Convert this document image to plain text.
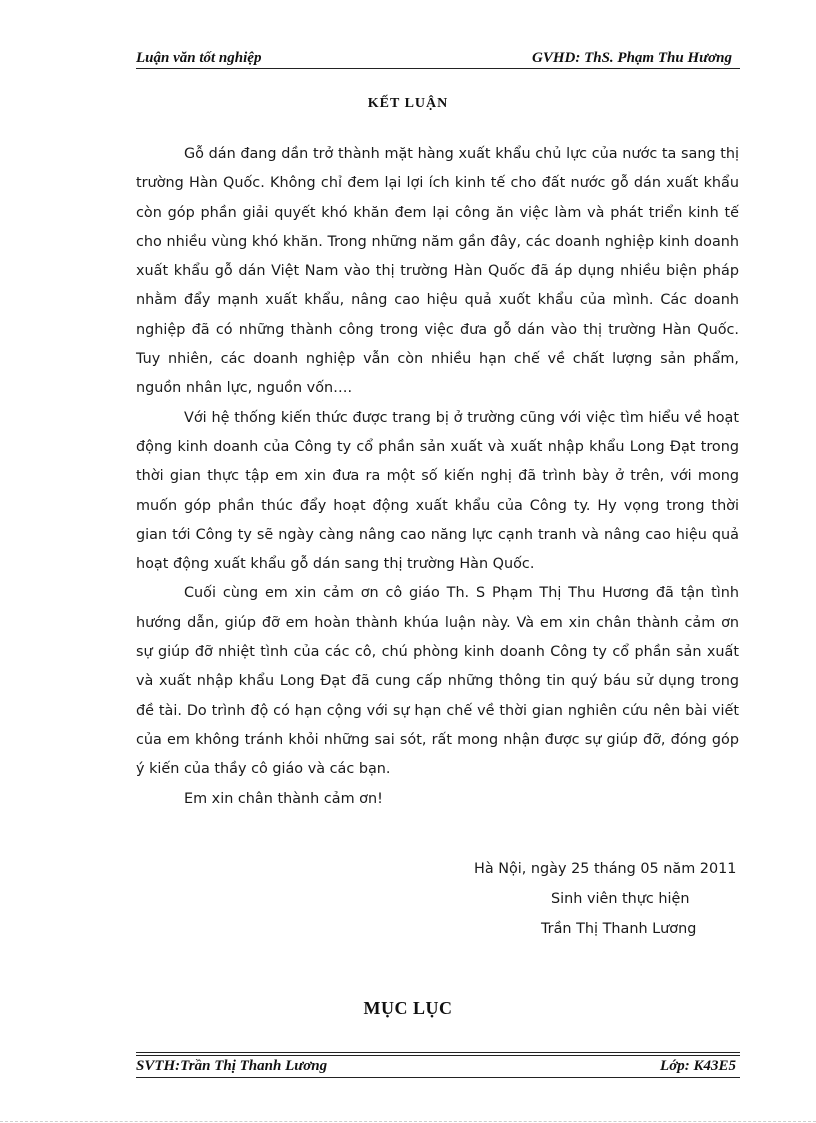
Luận văn tốt nghiệp	GVHD: ThS. Phạm Thu Hương
KẾT LUẬN

Gỗ dán đang dần trở thành mặt hàng xuất khẩu chủ lực của nước ta sang thị trường Hàn Quốc. Không chỉ đem lại lợi ích kinh tế cho đất nước gỗ dán xuất khẩu còn góp phần giải quyết khó khăn đem lại công ăn việc làm và phát triển kinh tế cho nhiều vùng khó khăn. Trong những năm gần đây, các doanh nghiệp kinh doanh xuất khẩu gỗ dán Việt Nam vào thị trường Hàn Quốc đã áp dụng nhiều biện pháp nhằm đẩy mạnh xuất khẩu, nâng cao hiệu quả xuốt khẩu của mình. Các doanh nghiệp đã có những thành công trong việc đưa gỗ dán vào thị trường Hàn Quốc. Tuy nhiên, các doanh nghiệp vẫn còn nhiều hạn chế về chất lượng sản phẩm, nguồn nhân lực, nguồn vốn….

Với hệ thống kiến thức được trang bị ở trường cũng với việc tìm hiểu về hoạt động kinh doanh của Công ty cổ phần sản xuất và xuất nhập khẩu Long Đạt trong thời gian thực tập em xin đưa ra một số kiến nghị đã trình bày ở trên, với mong muốn góp phần thúc đẩy hoạt động xuất khẩu của Công ty. Hy vọng trong thời gian tới Công ty sẽ ngày càng nâng cao năng lực cạnh tranh và nâng cao hiệu quả hoạt động xuất khẩu gỗ dán sang thị trường Hàn Quốc.

Cuối cùng em xin cảm ơn cô giáo Th. S Phạm Thị Thu Hương đã tận tình hướng dẫn, giúp đỡ em hoàn thành khúa luận này. Và em xin chân thành cảm ơn sự giúp đỡ nhiệt tình của các cô, chú phòng kinh doanh Công ty cổ phần sản xuất và xuất nhập khẩu Long Đạt đã cung cấp những thông tin quý báu sử dụng trong đề tài. Do trình độ có hạn cộng với sự hạn chế về thời gian nghiên cứu nên bài viết của em không tránh khỏi những sai sót, rất mong nhận được sự giúp đỡ, đóng góp ý kiến của thầy cô giáo và các bạn.

Em xin chân thành cảm ơn!

Hà Nội, ngày 25 tháng 05 năm 2011
Sinh viên thực hiện
Trần Thị Thanh Lương
MỤC LỤC
SVTH:Trần Thị Thanh Lương	Lớp: K43E5
